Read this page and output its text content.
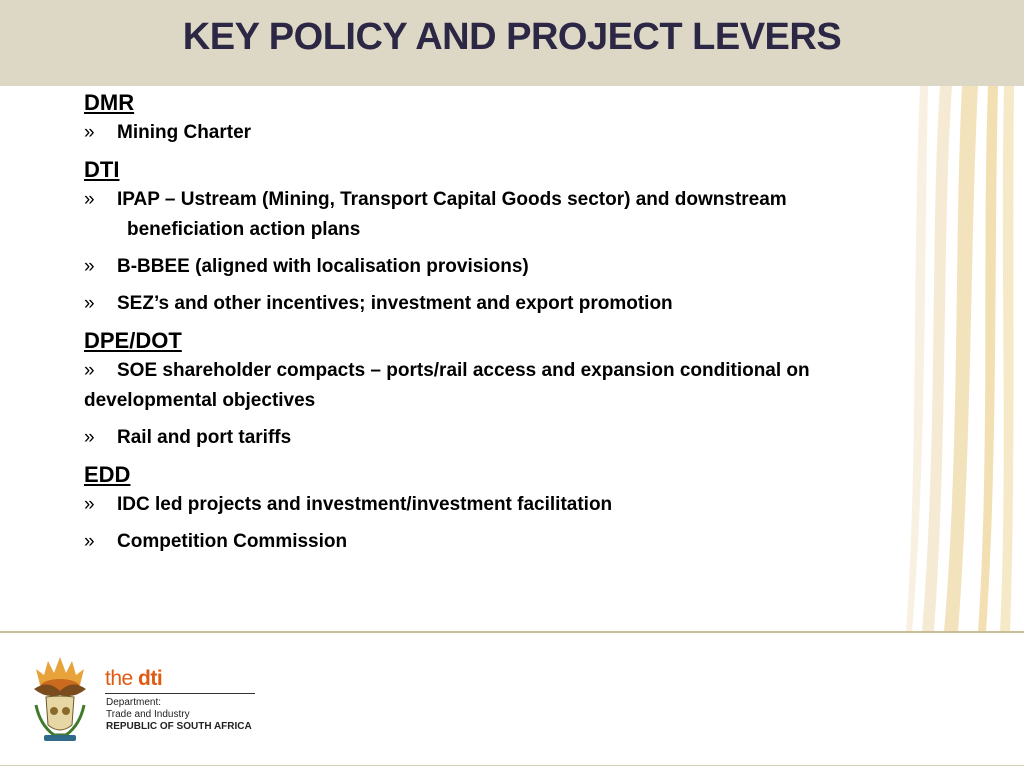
KEY POLICY AND PROJECT LEVERS
DMR
» Mining Charter
DTI
» IPAP – Ustream (Mining, Transport Capital Goods sector) and downstream
beneficiation action plans
» B-BBEE (aligned with localisation provisions)
» SEZ’s and other incentives; investment and export promotion
DPE/DOT
» SOE shareholder compacts – ports/rail access and expansion conditional on
developmental objectives
» Rail and port tariffs
EDD
» IDC led projects and investment/investment facilitation
» Competition Commission
the dti
Department:
Trade and Industry
REPUBLIC OF SOUTH AFRICA
